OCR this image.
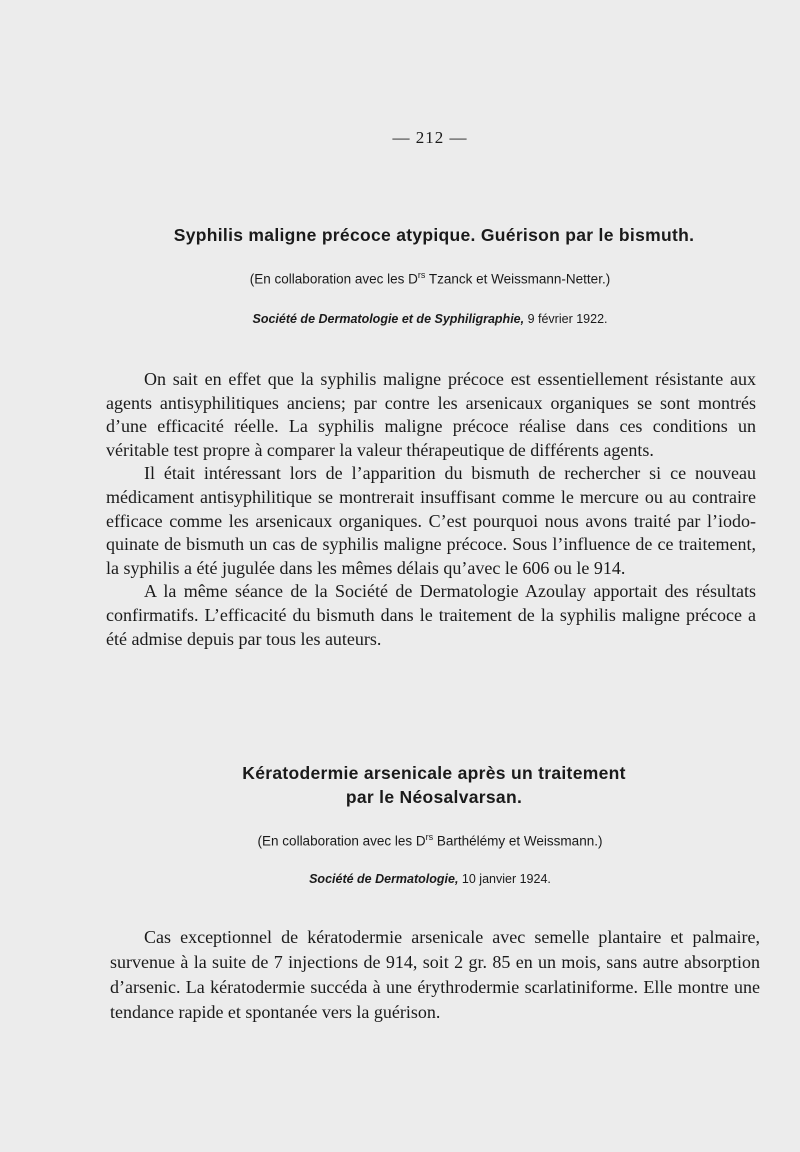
— 212 —
Syphilis maligne précoce atypique. Guérison par le bismuth.
(En collaboration avec les $D^{rs}$ Tzanck et Weissmann-Netter.)
Société de Dermatologie et de Syphiligraphie, 9 février 1922.

On sait en effet que la syphilis maligne précoce est essentiellement résistante aux agents antisyphilitiques anciens; par contre les arsenicaux organiques se sont montrés d’une efficacité réelle. La syphilis maligne précoce réalise dans ces conditions un véritable test propre à comparer la valeur thérapeutique de différents agents.

Il était intéressant lors de l’apparition du bismuth de rechercher si ce nouveau médicament antisyphilitique se montrerait insuffisant comme le mercure ou au contraire efficace comme les arsenicaux organiques. C’est pourquoi nous avons traité par l’iodo-quinate de bismuth un cas de syphilis maligne précoce. Sous l’influence de ce traitement, la syphilis a été jugulée dans les mêmes délais qu’avec le 606 ou le 914.

A la même séance de la Société de Dermatologie Azoulay apportait des résultats confirmatifs. L’efficacité du bismuth dans le traitement de la syphilis maligne précoce a été admise depuis par tous les auteurs.

Kératodermie arsenicale après un traitement
par le Néosalvarsan.
(En collaboration avec les $D^{rs}$ Barthélémy et Weissmann.)
Société de Dermatologie, 10 janvier 1924.

Cas exceptionnel de kératodermie arsenicale avec semelle plantaire et palmaire, survenue à la suite de 7 injections de 914, soit 2 gr. 85 en un mois, sans autre absorption d’arsenic. La kératodermie succéda à une érythrodermie scarlatiniforme. Elle montre une tendance rapide et spontanée vers la guérison.
